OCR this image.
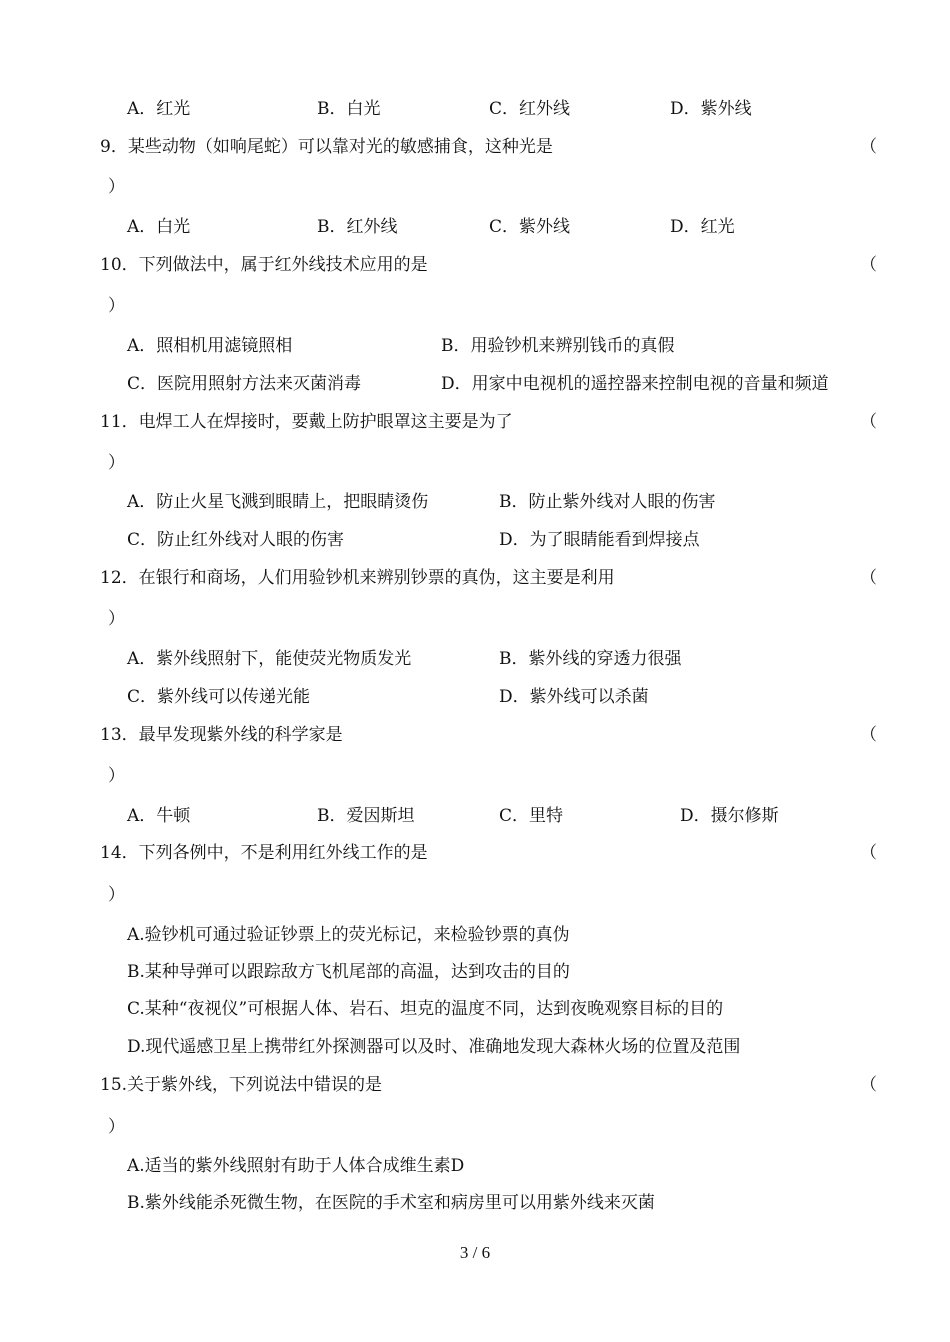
A．红光	B．白光	C．红外线	D．紫外线
9．某些动物（如响尾蛇）可以靠对光的敏感捕食，这种光是	（
）
A．白光	B．红外线	C．紫外线	D．红光
10．下列做法中，属于红外线技术应用的是	（
）
A．照相机用滤镜照相	B．用验钞机来辨别钱币的真假
C．医院用照射方法来灭菌消毒	D．用家中电视机的遥控器来控制电视的音量和频道
11．电焊工人在焊接时，要戴上防护眼罩这主要是为了	（
）
A．防止火星飞溅到眼睛上，把眼睛烫伤	B．防止紫外线对人眼的伤害
C．防止红外线对人眼的伤害	D．为了眼睛能看到焊接点
12．在银行和商场，人们用验钞机来辨别钞票的真伪，这主要是利用	（
）
A．紫外线照射下，能使荧光物质发光	B．紫外线的穿透力很强
C．紫外线可以传递光能	D．紫外线可以杀菌
13．最早发现紫外线的科学家是	（
）
A．牛顿	B．爱因斯坦	C．里特	D．摄尔修斯
14．下列各例中，不是利用红外线工作的是	（
）
A.验钞机可通过验证钞票上的荧光标记，来检验钞票的真伪
B.某种导弹可以跟踪敌方飞机尾部的高温，达到攻击的目的
C.某种“夜视仪”可根据人体、岩石、坦克的温度不同，达到夜晚观察目标的目的
D.现代遥感卫星上携带红外探测器可以及时、准确地发现大森林火场的位置及范围
15.关于紫外线，下列说法中错误的是	（
）
A.适当的紫外线照射有助于人体合成维生素D
B.紫外线能杀死微生物，在医院的手术室和病房里可以用紫外线来灭菌
3 / 6
